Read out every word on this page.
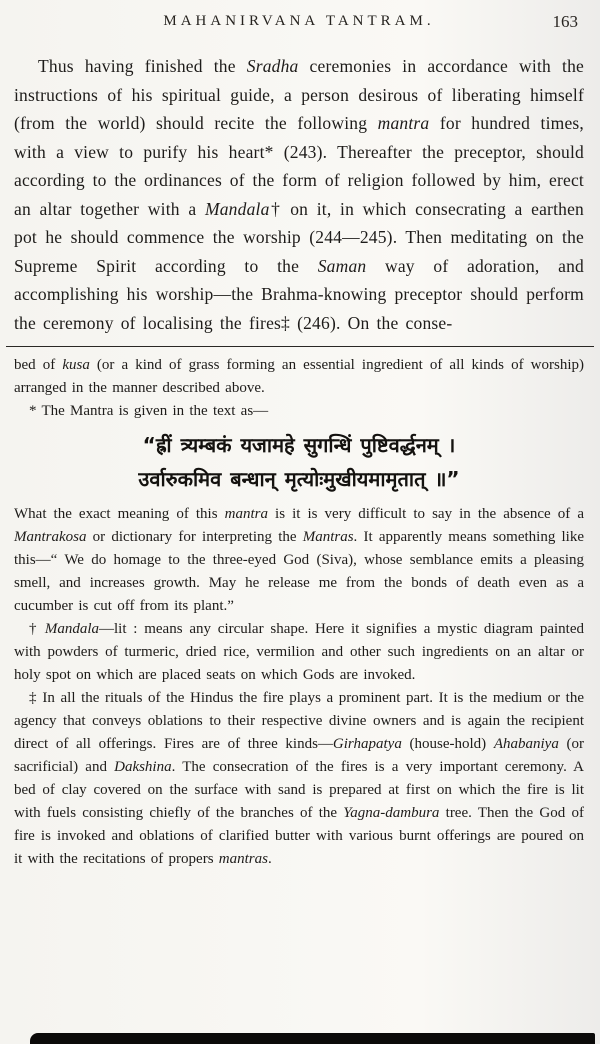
MAHANIRVANA TANTRAM.	163

Thus having finished the Sradha ceremonies in accordance with the instructions of his spiritual guide, a person desirous of liberating himself (from the world) should recite the following mantra for hundred times, with a view to purify his heart* (243). Thereafter the preceptor, should according to the ordinances of the form of religion followed by him, erect an altar together with a Mandala† on it, in which consecrating a earthen pot he should commence the worship (244—245). Then meditating on the Supreme Spirit according to the Saman way of adoration, and accomplishing his worship—the Brahma-knowing preceptor should perform the ceremony of localising the fires‡ (246). On the conse-

bed of kusa (or a kind of grass forming an essential ingredient of all kinds of worship) arranged in the manner described above.

* The Mantra is given in the text as—

“ह्रीं त्र्यम्बकं यजामहे सुगन्धिं पुष्टिवर्द्धनम् ।
उर्वारुकमिव बन्धान् मृत्योःमुखीयमामृतात् ॥”

What the exact meaning of this mantra is it is very difficult to say in the absence of a Mantrakosa or dictionary for interpreting the Mantras. It apparently means something like this—“ We do homage to the three-eyed God (Siva), whose semblance emits a pleasing smell, and increases growth. May he release me from the bonds of death even as a cucumber is cut off from its plant.”

† Mandala—lit : means any circular shape. Here it signifies a mystic diagram painted with powders of turmeric, dried rice, vermilion and other such ingredients on an altar or holy spot on which are placed seats on which Gods are invoked.

‡ In all the rituals of the Hindus the fire plays a prominent part. It is the medium or the agency that conveys oblations to their respective divine owners and is again the recipient direct of all offerings. Fires are of three kinds—Girhapatya (house-hold) Ahabaniya (or sacrificial) and Dakshina. The consecration of the fires is a very important ceremony. A bed of clay covered on the surface with sand is prepared at first on which the fire is lit with fuels consisting chiefly of the branches of the Yagna-dambura tree. Then the God of fire is invoked and oblations of clarified butter with various burnt offerings are poured on it with the recitations of propers mantras.
